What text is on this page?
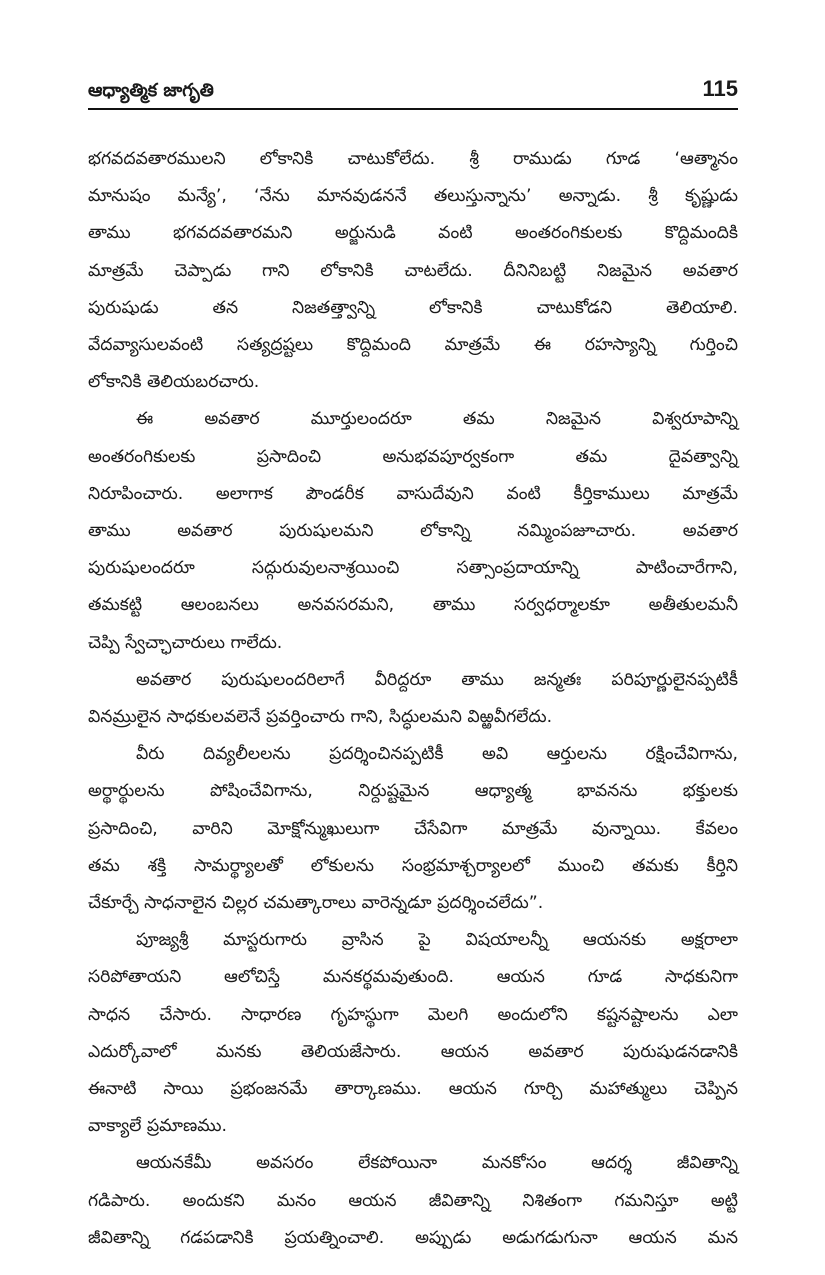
ఆధ్యాత్మిక జాగృతి	115

భగవదవతారములని లోకానికి చాటుకోలేదు. శ్రీ రాముడు గూడ ‘ఆత్మానం

మానుషం మన్యే’, ‘నేను మానవుడననే తలుస్తున్నాను’ అన్నాడు. శ్రీ కృష్ణుడు

తాము భగవదవతారమని అర్జునుడి వంటి అంతరంగికులకు కొద్దిమందికి

మాత్రమే చెప్పాడు గాని లోకానికి చాటలేదు. దీనినిబట్టి నిజమైన అవతార

పురుషుడు తన నిజతత్త్వాన్ని లోకానికి చాటుకోడని తెలియాలి.

వేదవ్యాసులవంటి సత్యద్రష్టలు కొద్దిమంది మాత్రమే ఈ రహస్యాన్ని గుర్తించి

లోకానికి తెలియబరచారు.

ఈ అవతార మూర్తులందరూ తమ నిజమైన విశ్వరూపాన్ని

అంతరంగికులకు ప్రసాదించి అనుభవపూర్వకంగా తమ దైవత్వాన్ని

నిరూపించారు. అలాగాక పౌండరీక వాసుదేవుని వంటి కీర్తికాములు మాత్రమే

తాము అవతార పురుషులమని లోకాన్ని నమ్మింపజూచారు. అవతార

పురుషులందరూ సద్గురువులనాశ్రయించి సత్సాంప్రదాయాన్ని పాటించారేగాని,

తమకట్టి ఆలంబనలు అనవసరమని, తాము సర్వధర్మాలకూ అతీతులమనీ

చెప్పి స్వేచ్ఛాచారులు గాలేదు.

అవతార పురుషులందరిలాగే వీరిద్దరూ తాము జన్మతః పరిపూర్ణులైనప్పటికీ

వినమ్రులైన సాధకులవలెనే ప్రవర్తించారు గాని, సిద్ధులమని విఱ్ఱవీగలేదు.

వీరు దివ్యలీలలను ప్రదర్శించినప్పటికీ అవి ఆర్తులను రక్షించేవిగాను,

అర్థార్థులను పోషించేవిగాను, నిర్దుష్టమైన ఆధ్యాత్మ భావనను భక్తులకు

ప్రసాదించి, వారిని మోక్షోన్ముఖులుగా చేసేవిగా మాత్రమే వున్నాయి. కేవలం

తమ శక్తి సామర్థ్యాలతో లోకులను సంభ్రమాశ్చర్యాలలో ముంచి తమకు కీర్తిని

చేకూర్చే సాధనాలైన చిల్లర చమత్కారాలు వారెన్నడూ ప్రదర్శించలేదు”.

పూజ్యశ్రీ మాస్టరుగారు వ్రాసిన పై విషయాలన్నీ ఆయనకు అక్షరాలా

సరిపోతాయని ఆలోచిస్తే మనకర్థమవుతుంది. ఆయన గూడ సాధకునిగా

సాధన చేసారు. సాధారణ గృహస్థుగా మెలగి అందులోని కష్టనష్టాలను ఎలా

ఎదుర్కోవాలో మనకు తెలియజేసారు. ఆయన అవతార పురుషుడనడానికి

ఈనాటి సాయి ప్రభంజనమే తార్కాణము. ఆయన గూర్చి మహాత్ములు చెప్పిన

వాక్యాలే ప్రమాణము.

ఆయనకేమీ అవసరం లేకపోయినా మనకోసం ఆదర్శ జీవితాన్ని

గడిపారు. అందుకని మనం ఆయన జీవితాన్ని నిశితంగా గమనిస్తూ అట్టి

జీవితాన్ని గడపడానికి ప్రయత్నించాలి. అప్పుడు అడుగడుగునా ఆయన మన
